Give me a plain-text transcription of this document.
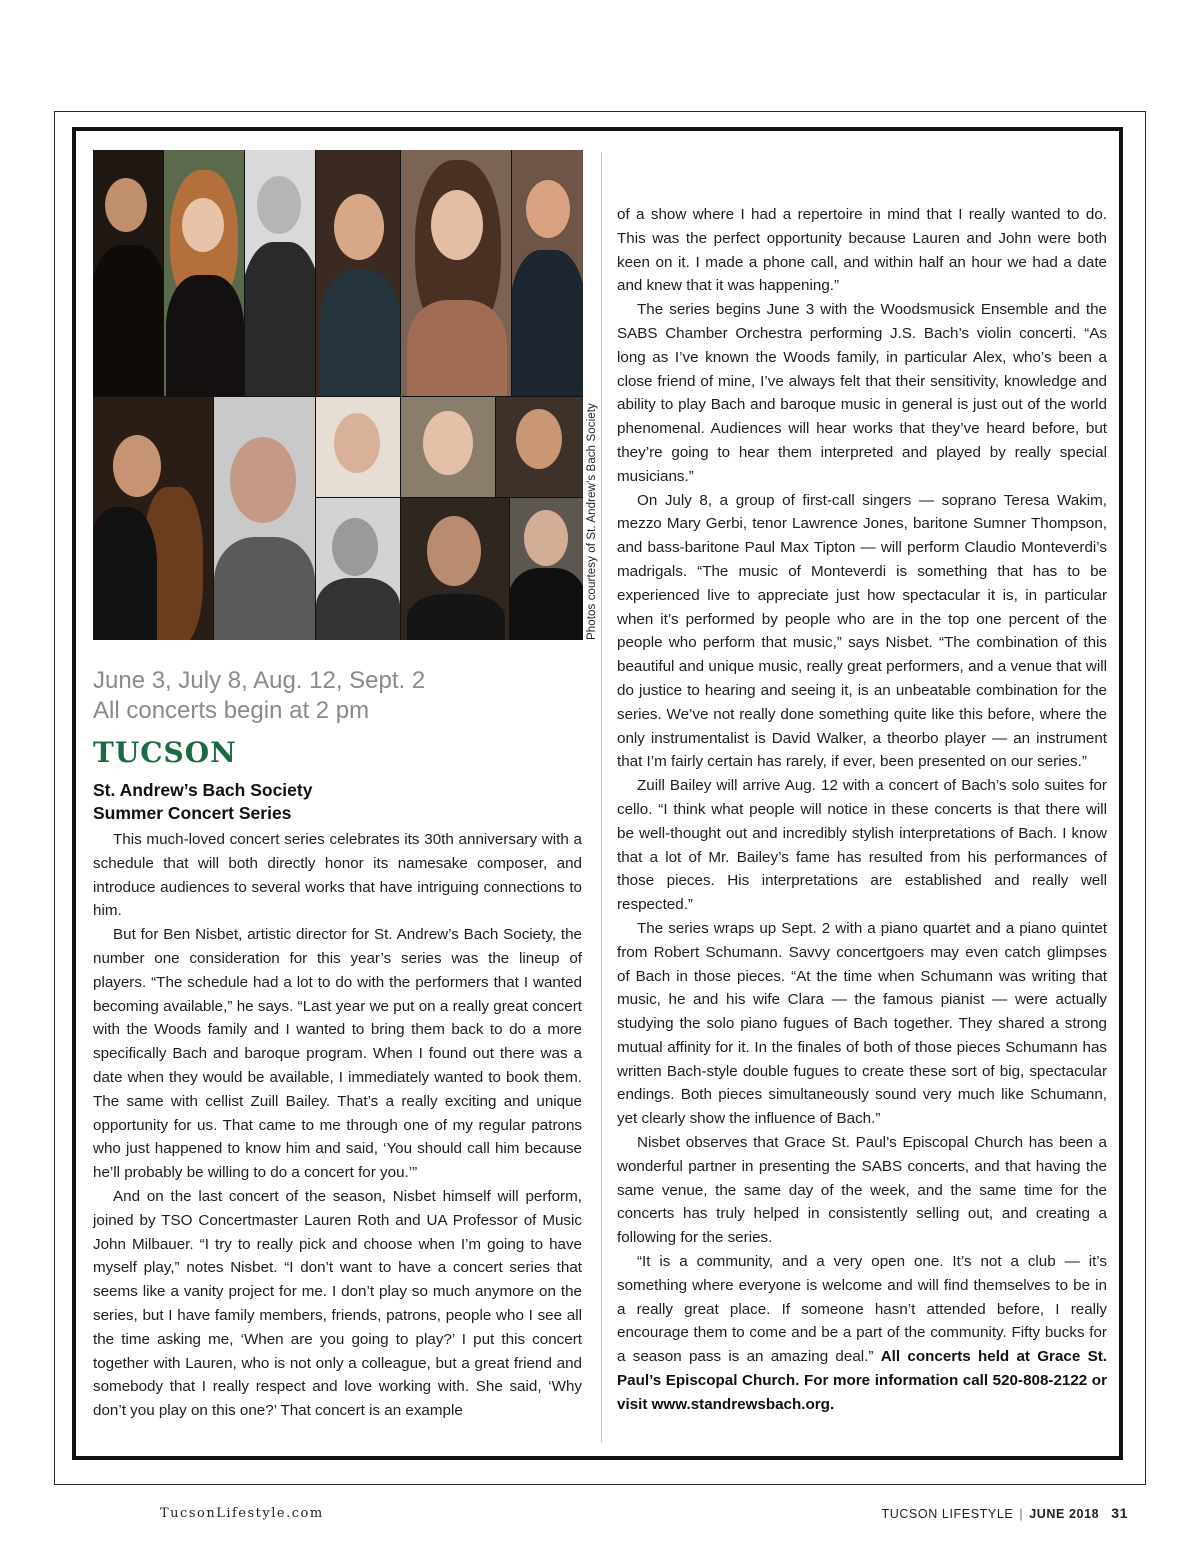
Photos courtesy of St. Andrew’s Bach Society
June 3, July 8, Aug. 12, Sept. 2
All concerts begin at 2 pm
TUCSON
St. Andrew’s Bach Society
Summer Concert Series

This much-loved concert series celebrates its 30th anniversary with a schedule that will both directly honor its namesake composer, and introduce audiences to several works that have intriguing connections to him.

But for Ben Nisbet, artistic director for St. Andrew’s Bach Society, the number one consideration for this year’s series was the lineup of players. “The schedule had a lot to do with the performers that I wanted becoming available,” he says. “Last year we put on a really great concert with the Woods family and I wanted to bring them back to do a more specifically Bach and baroque program. When I found out there was a date when they would be available, I immediately wanted to book them. The same with cellist Zuill Bailey. That’s a really exciting and unique opportunity for us. That came to me through one of my regular patrons who just happened to know him and said, ‘You should call him because he’ll probably be willing to do a concert for you.’”

And on the last concert of the season, Nisbet himself will perform, joined by TSO Concertmaster Lauren Roth and UA Professor of Music John Milbauer. “I try to really pick and choose when I’m going to have myself play,” notes Nisbet. “I don’t want to have a concert series that seems like a vanity project for me. I don’t play so much anymore on the series, but I have family members, friends, patrons, people who I see all the time asking me, ‘When are you going to play?’ I put this concert together with Lauren, who is not only a colleague, but a great friend and somebody that I really respect and love working with. She said, ‘Why don’t you play on this one?’ That concert is an example

of a show where I had a repertoire in mind that I really wanted to do. This was the perfect opportunity because Lauren and John were both keen on it. I made a phone call, and within half an hour we had a date and knew that it was happening.”

The series begins June 3 with the Woodsmusick Ensemble and the SABS Chamber Orchestra performing J.S. Bach’s violin concerti. “As long as I’ve known the Woods family, in particular Alex, who’s been a close friend of mine, I’ve always felt that their sensitivity, knowledge and ability to play Bach and baroque music in general is just out of the world phenomenal. Audiences will hear works that they’ve heard before, but they’re going to hear them interpreted and played by really special musicians.”

On July 8, a group of first-call singers — soprano Teresa Wakim, mezzo Mary Gerbi, tenor Lawrence Jones, baritone Sumner Thompson, and bass-baritone Paul Max Tipton — will perform Claudio Monteverdi’s madrigals. “The music of Monteverdi is something that has to be experienced live to appreciate just how spectacular it is, in particular when it’s performed by people who are in the top one percent of the people who perform that music,” says Nisbet. “The combination of this beautiful and unique music, really great performers, and a venue that will do justice to hearing and seeing it, is an unbeatable combination for the series. We’ve not really done something quite like this before, where the only instrumentalist is David Walker, a theorbo player — an instrument that I’m fairly certain has rarely, if ever, been presented on our series.”

Zuill Bailey will arrive Aug. 12 with a concert of Bach’s solo suites for cello. “I think what people will notice in these concerts is that there will be well-thought out and incredibly stylish interpretations of Bach. I know that a lot of Mr. Bailey’s fame has resulted from his performances of those pieces. His interpretations are established and really well respected.”

The series wraps up Sept. 2 with a piano quartet and a piano quintet from Robert Schumann. Savvy concertgoers may even catch glimpses of Bach in those pieces. “At the time when Schumann was writing that music, he and his wife Clara — the famous pianist — were actually studying the solo piano fugues of Bach together. They shared a strong mutual affinity for it. In the finales of both of those pieces Schumann has written Bach-style double fugues to create these sort of big, spectacular endings. Both pieces simultaneously sound very much like Schumann, yet clearly show the influence of Bach.”

Nisbet observes that Grace St. Paul’s Episcopal Church has been a wonderful partner in presenting the SABS concerts, and that having the same venue, the same day of the week, and the same time for the concerts has truly helped in consistently selling out, and creating a following for the series.

“It is a community, and a very open one. It’s not a club — it’s something where everyone is welcome and will find themselves to be in a really great place. If someone hasn’t attended before, I really encourage them to come and be a part of the community. Fifty bucks for a season pass is an amazing deal.” All concerts held at Grace St. Paul’s Episcopal Church. For more information call 520-808-2122 or visit www.standrewsbach.org.

TucsonLifestyle.com	TUCSON LIFESTYLE | JUNE 2018 31
